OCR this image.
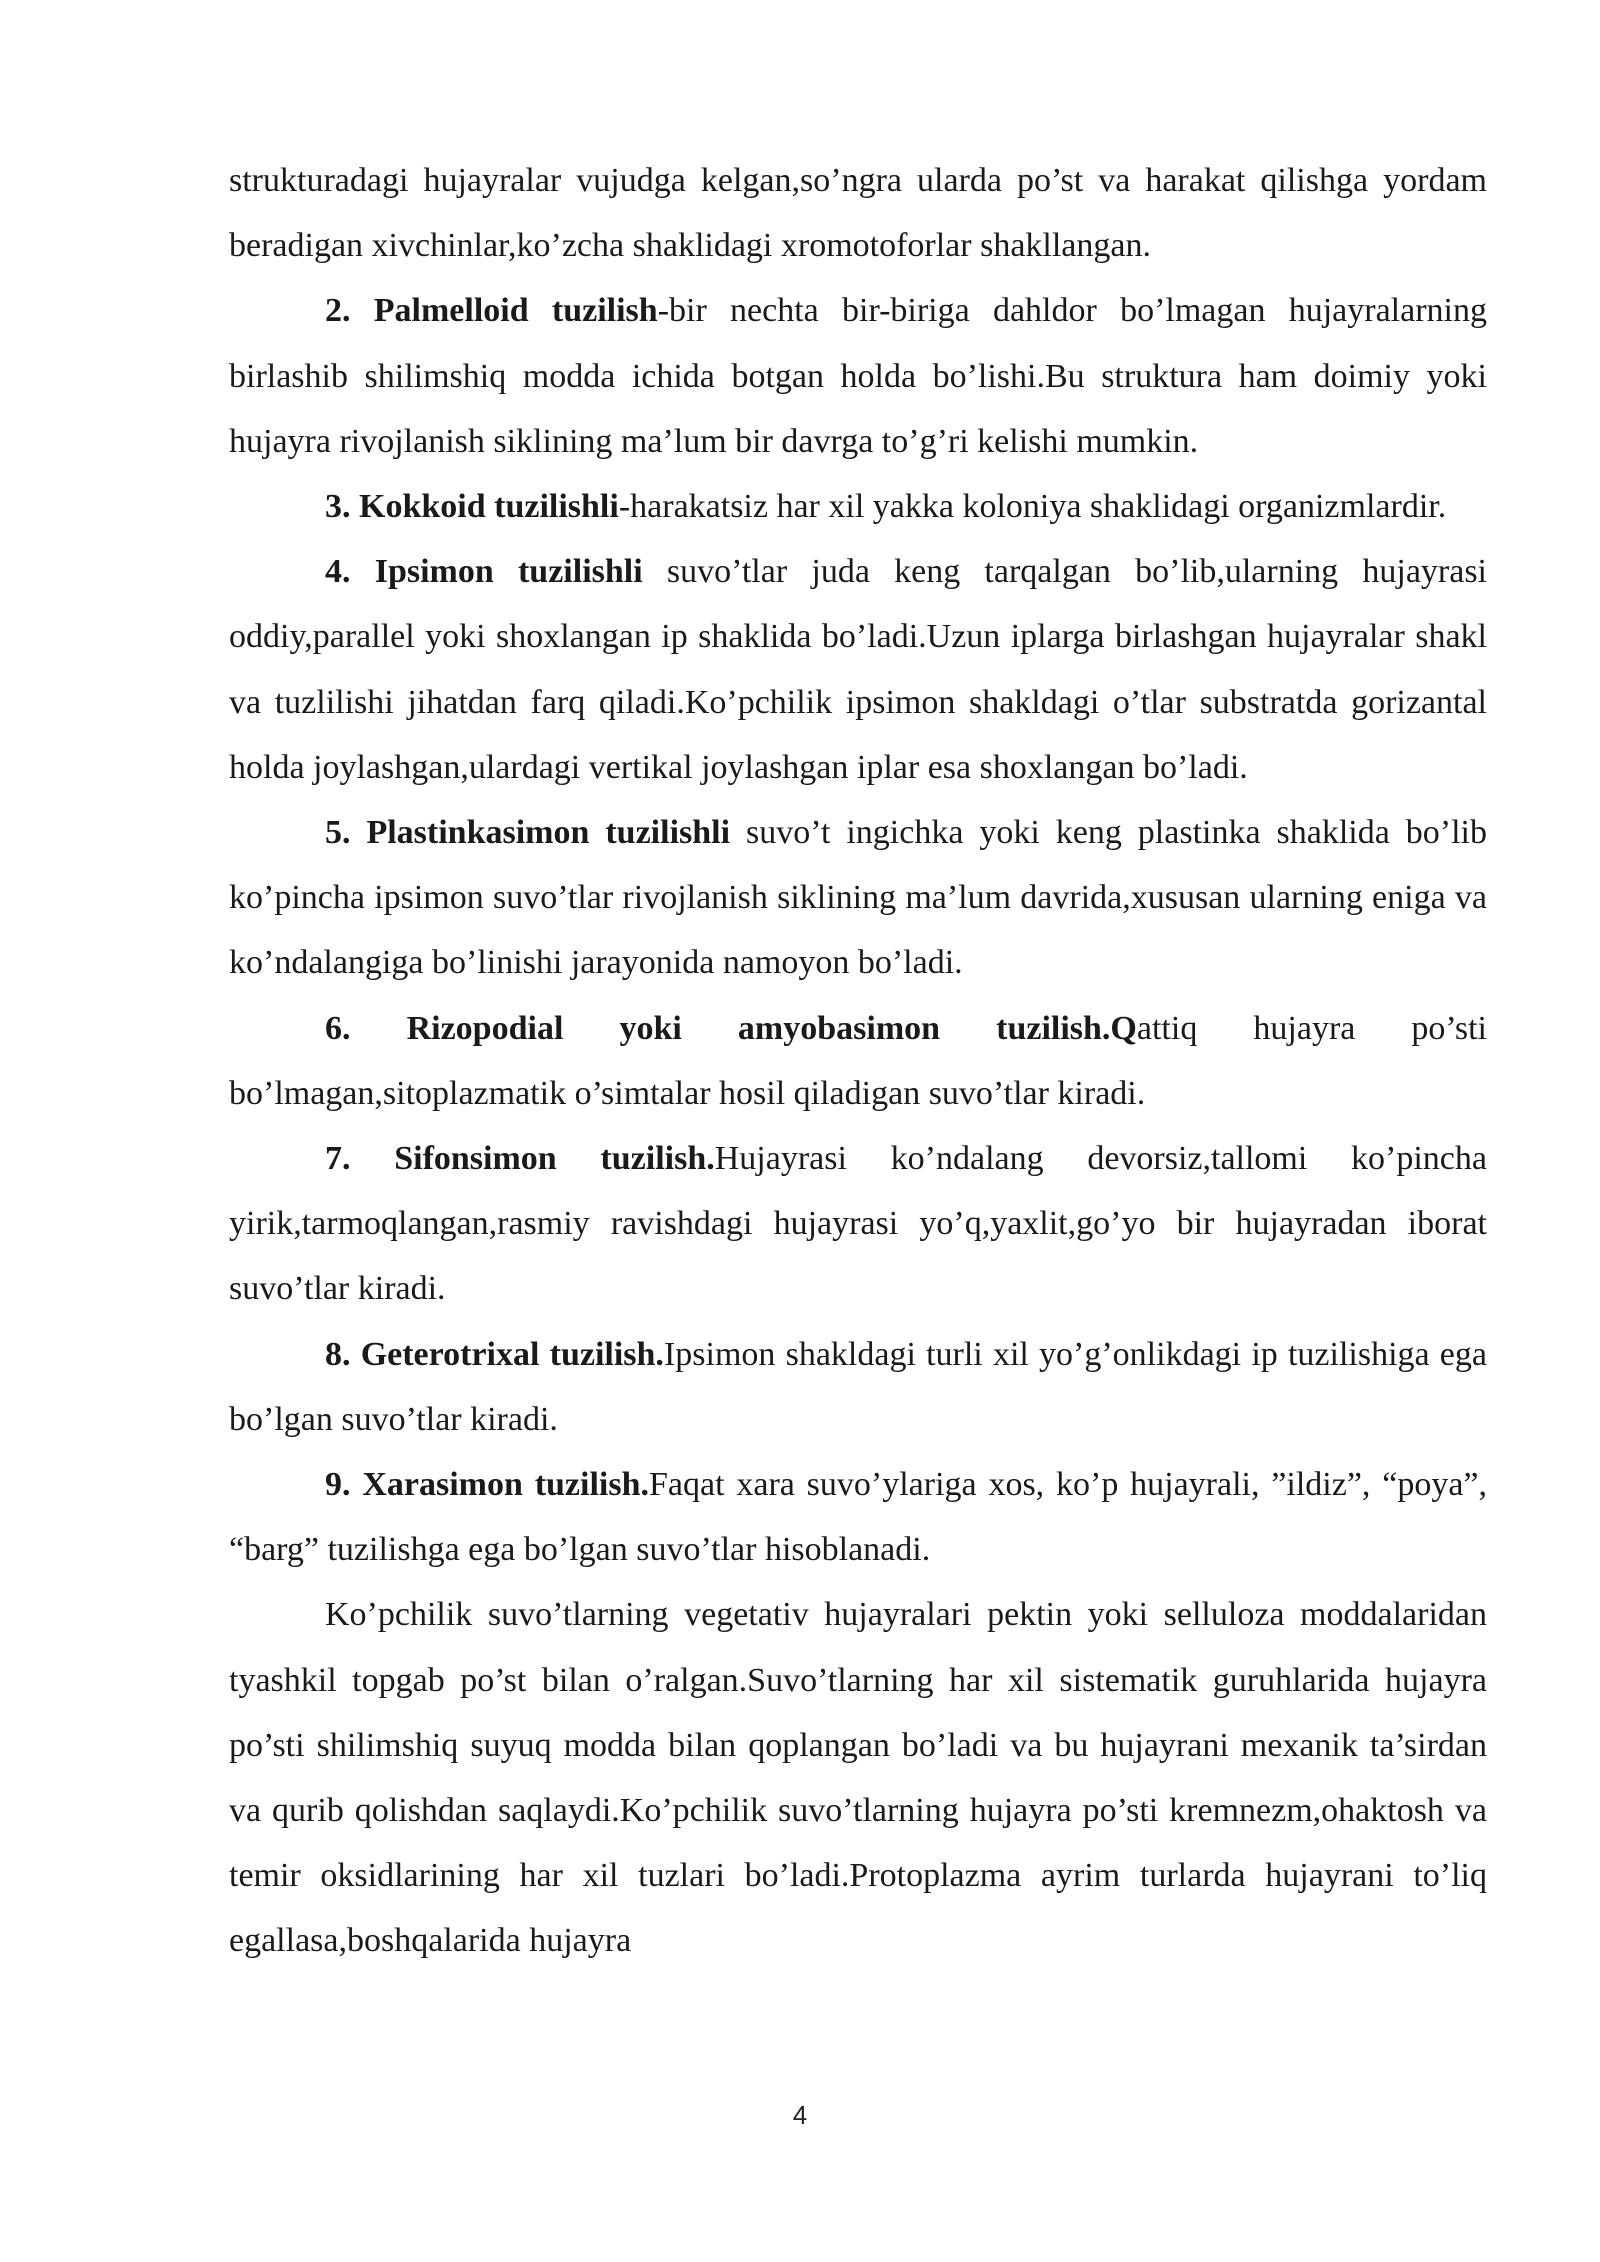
strukturadagi hujayralar vujudga kelgan,so’ngra ularda po’st va harakat qilishga yordam beradigan xivchinlar,ko’zcha shaklidagi xromotoforlar shakllangan.

2. Palmelloid tuzilish-bir nechta bir-biriga dahldor bo’lmagan hujayralarning birlashib shilimshiq modda ichida botgan holda bo’lishi.Bu struktura ham doimiy yoki hujayra rivojlanish siklining ma’lum bir davrga to’g’ri kelishi mumkin.

3. Kokkoid tuzilishli-harakatsiz har xil yakka koloniya shaklidagi organizmlardir.

4. Ipsimon tuzilishli suvo’tlar juda keng tarqalgan bo’lib,ularning hujayrasi oddiy,parallel yoki shoxlangan ip shaklida bo’ladi.Uzun iplarga birlashgan hujayralar shakl va tuzlilishi jihatdan farq qiladi.Ko’pchilik ipsimon shakldagi o’tlar substratda gorizantal holda joylashgan,ulardagi vertikal joylashgan iplar esa shoxlangan bo’ladi.

5. Plastinkasimon tuzilishli suvo’t ingichka yoki keng plastinka shaklida bo’lib ko’pincha ipsimon suvo’tlar rivojlanish siklining ma’lum davrida,xususan ularning eniga va ko’ndalangiga bo’linishi jarayonida namoyon bo’ladi.

6. Rizopodial yoki amyobasimon tuzilish.Qattiq hujayra po’sti bo’lmagan,sitoplazmatik o’simtalar hosil qiladigan suvo’tlar kiradi.

7. Sifonsimon tuzilish.Hujayrasi ko’ndalang devorsiz,tallomi ko’pincha yirik,tarmoqlangan,rasmiy ravishdagi hujayrasi yo’q,yaxlit,go’yo bir hujayradan iborat suvo’tlar kiradi.

8. Geterotrixal tuzilish.Ipsimon shakldagi turli xil yo’g’onlikdagi ip tuzilishiga ega bo’lgan suvo’tlar kiradi.

9. Xarasimon tuzilish.Faqat xara suvo’ylariga xos, ko’p hujayrali, ”ildiz”, “poya”, “barg” tuzilishga ega bo’lgan suvo’tlar hisoblanadi.

Ko’pchilik suvo’tlarning vegetativ hujayralari pektin yoki selluloza moddalaridan tyashkil topgab po’st bilan o’ralgan.Suvo’tlarning har xil sistematik guruhlarida hujayra po’sti shilimshiq suyuq modda bilan qoplangan bo’ladi va bu hujayrani mexanik ta’sirdan va qurib qolishdan saqlaydi.Ko’pchilik suvo’tlarning hujayra po’sti kremnezm,ohaktosh va temir oksidlarining har xil tuzlari bo’ladi.Protoplazma ayrim turlarda hujayrani to’liq egallasa,boshqalarida hujayra

4
